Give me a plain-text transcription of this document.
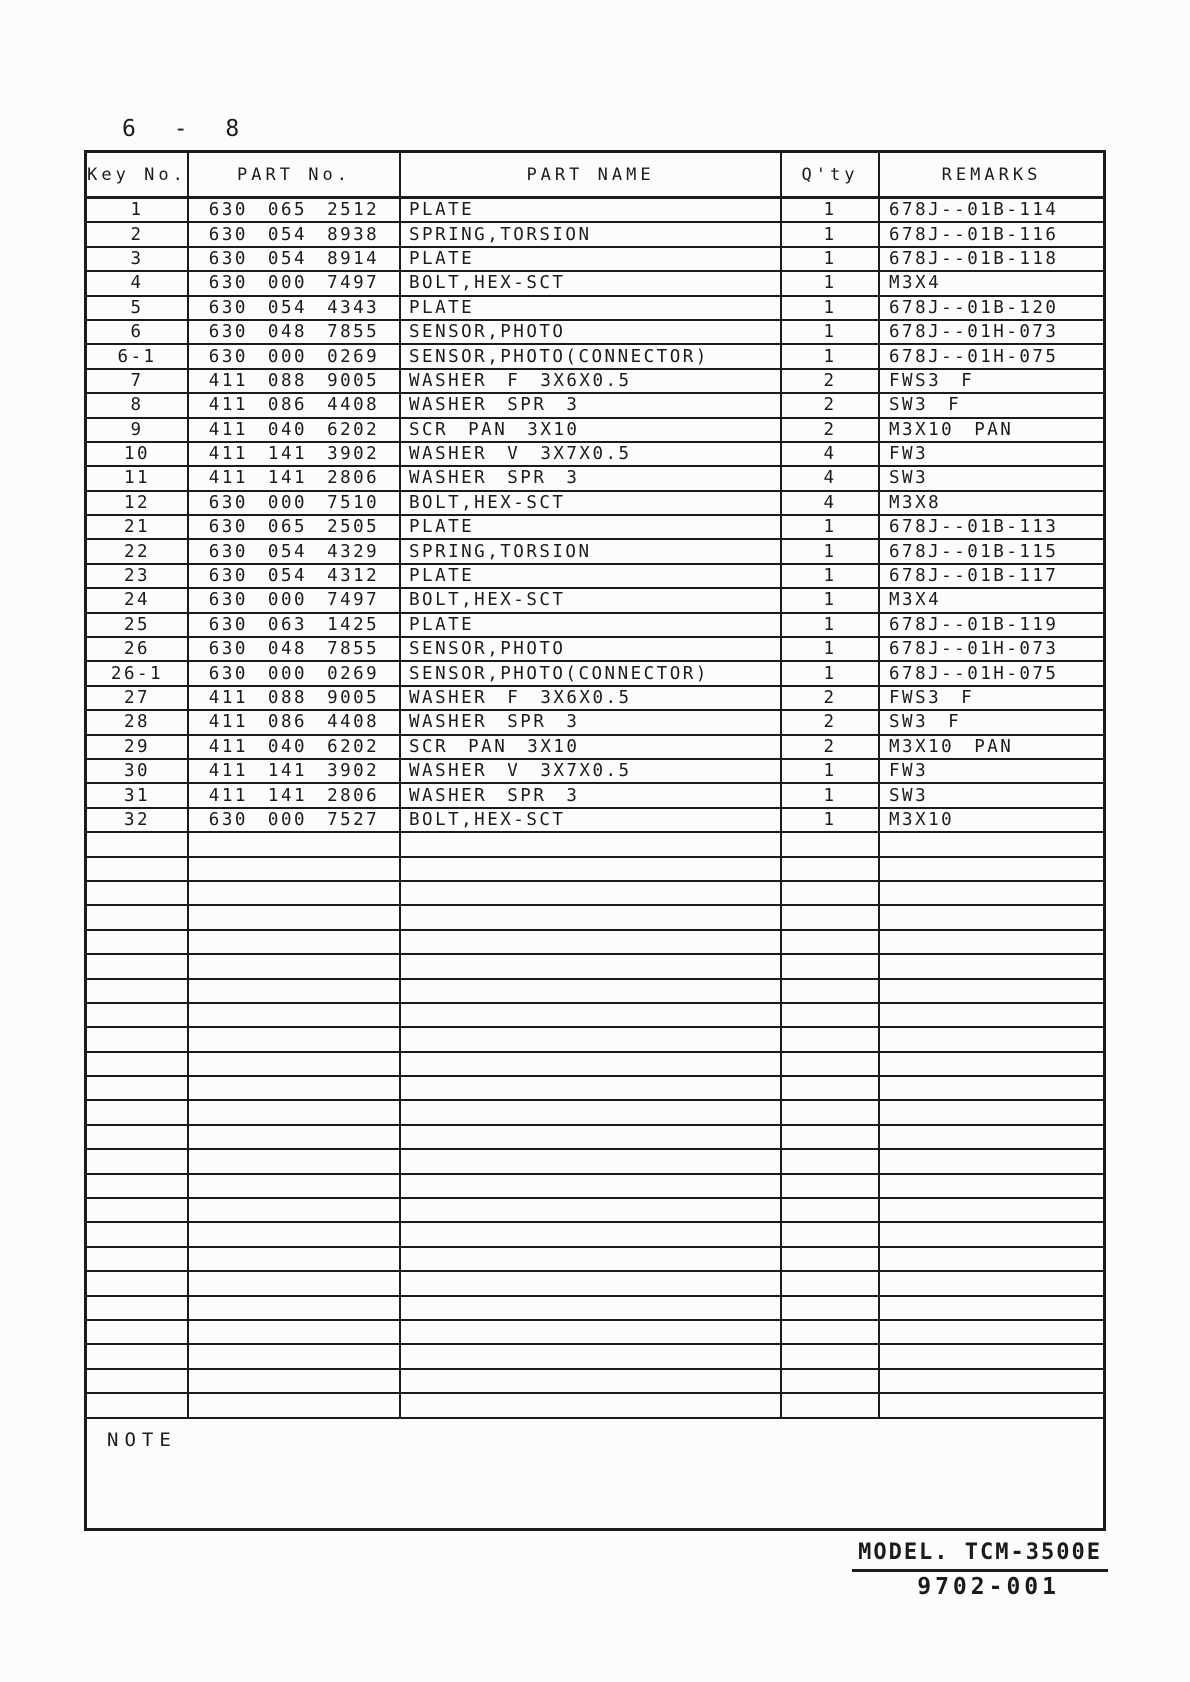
6 - 8
Key No.	PART No.	PART NAME	Q'ty	REMARKS
1	630 065 2512	PLATE	1	678J--01B-114
2	630 054 8938	SPRING,TORSION	1	678J--01B-116
3	630 054 8914	PLATE	1	678J--01B-118
4	630 000 7497	BOLT,HEX-SCT	1	M3X4
5	630 054 4343	PLATE	1	678J--01B-120
6	630 048 7855	SENSOR,PHOTO	1	678J--01H-073
6-1	630 000 0269	SENSOR,PHOTO(CONNECTOR)	1	678J--01H-075
7	411 088 9005	WASHER F 3X6X0.5	2	FWS3 F
8	411 086 4408	WASHER SPR 3	2	SW3 F
9	411 040 6202	SCR PAN 3X10	2	M3X10 PAN
10	411 141 3902	WASHER V 3X7X0.5	4	FW3
11	411 141 2806	WASHER SPR 3	4	SW3
12	630 000 7510	BOLT,HEX-SCT	4	M3X8
21	630 065 2505	PLATE	1	678J--01B-113
22	630 054 4329	SPRING,TORSION	1	678J--01B-115
23	630 054 4312	PLATE	1	678J--01B-117
24	630 000 7497	BOLT,HEX-SCT	1	M3X4
25	630 063 1425	PLATE	1	678J--01B-119
26	630 048 7855	SENSOR,PHOTO	1	678J--01H-073
26-1	630 000 0269	SENSOR,PHOTO(CONNECTOR)	1	678J--01H-075
27	411 088 9005	WASHER F 3X6X0.5	2	FWS3 F
28	411 086 4408	WASHER SPR 3	2	SW3 F
29	411 040 6202	SCR PAN 3X10	2	M3X10 PAN
30	411 141 3902	WASHER V 3X7X0.5	1	FW3
31	411 141 2806	WASHER SPR 3	1	SW3
32	630 000 7527	BOLT,HEX-SCT	1	M3X10
NOTE
MODEL. TCM-3500E
9702-001
